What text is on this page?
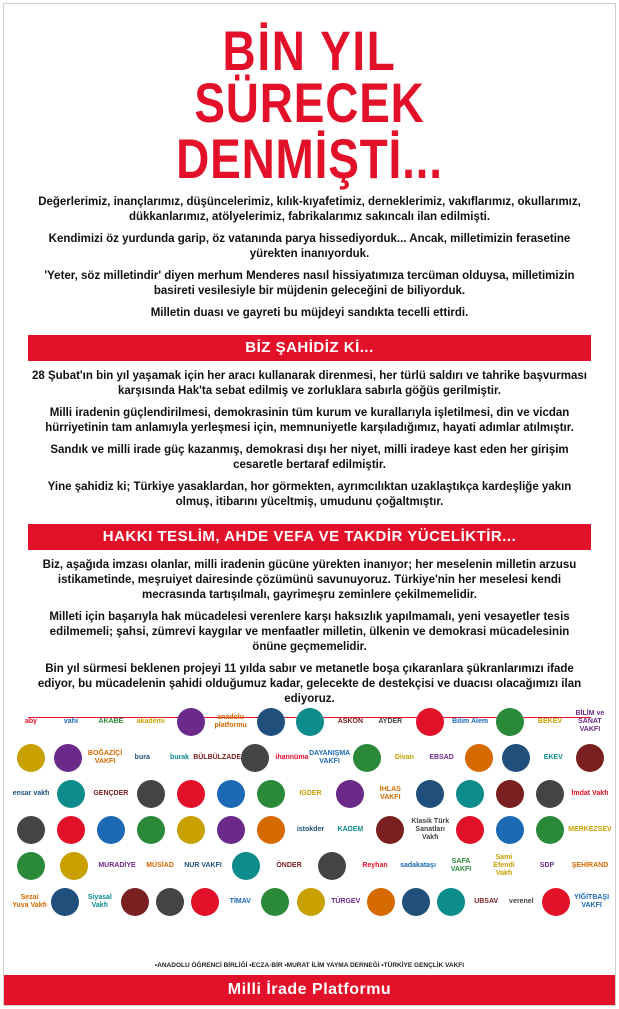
BİN YIL
SÜRECEK DENMİŞTİ...

Değerlerimiz, inançlarımız, düşüncelerimiz, kılık-kıyafetimiz, derneklerimiz, vakıflarımız, okullarımız, dükkanlarımız, atölyelerimiz, fabrikalarımız sakıncalı ilan edilmişti.

Kendimizi öz yurdunda garip, öz vatanında parya hissediyorduk... Ancak, milletimizin ferasetine yürekten inanıyorduk.

'Yeter, söz milletindir' diyen merhum Menderes nasıl hissiyatımıza tercüman olduysa, milletimizin basireti vesilesiyle bir müjdenin geleceğini de biliyorduk.

Milletin duası ve gayreti bu müjdeyi sandıkta tecelli ettirdi.

BİZ ŞAHİDİZ Kİ...

28 Şubat'ın bin yıl yaşamak için her aracı kullanarak direnmesi, her türlü saldırı ve tahrike başvurması karşısında Hak'ta sebat edilmiş ve zorluklara sabırla göğüs gerilmiştir.

Milli iradenin güçlendirilmesi, demokrasinin tüm kurum ve kurallarıyla işletilmesi, din ve vicdan hürriyetinin tam anlamıyla yerleşmesi için, memnuniyetle karşıladığımız, hayati adımlar atılmıştır.

Sandık ve milli irade güç kazanmış, demokrasi dışı her niyet, milli iradeye kast eden her girişim cesaretle bertaraf edilmiştir.

Yine şahidiz ki; Türkiye yasaklardan, hor görmekten, ayrımcılıktan uzaklaştıkça kardeşliğe yakın olmuş, itibarını yüceltmiş, umudunu çoğaltmıştır.

HAKKI TESLİM, AHDE VEFA VE TAKDİR YÜCELİKTİR...

Biz, aşağıda imzası olanlar, milli iradenin gücüne yürekten inanıyor; her meselenin milletin arzusu istikametinde, meşruiyet dairesinde çözümünü savunuyoruz. Türkiye'nin her meselesi kendi mecrasında tartışılmalı, gayrimeşru zeminlere çekilmemelidir.

Milleti için başarıyla hak mücadelesi verenlere karşı haksızlık yapılmamalı, yeni vesayetler tesis edilmemeli; şahsi, zümrevi kaygılar ve menfaatler milletin, ülkenin ve demokrasi mücadelesinin önüne geçmemelidir.

Bin yıl sürmesi beklenen projeyi 11 yılda sabır ve metanetle boşa çıkaranlara şükranlarımızı ifade ediyor, bu mücadelenin şahidi olduğumuz kadar, gelecekte de destekçisi ve duacısı olacağımızı ilan ediyoruz.

aby	vahi	AKABE akademi
anadolu platformu
ASKON AYDER	Bilim Alem	BEKEV
BİLİM ve SANAT VAKFI
BOĞAZİÇİ VAKFI
bura	burak BÜLBÜLZADE	ihannüma
DAYANIŞMA VAKFI
Divan EBSAD	EKEV
ensar vakfı	GENÇDER	IGDER
İHLAS VAKFI
İmdat Vakfı
istokder KADEM
Klasik Türk Sanatları Vakfı
MERKEZSEV
MURADİYE MÜSİAD NUR VAKFI	ÖNDER	Reyhan sadakataşı
SAFA VAKFI
Sami Efendi Vakfı
SDP	ŞEHİRAND
Sezai Yuva Vakfı
Siyasal Vakfı
TİMAV	TÜRGEV	UBSAV verenel
YİĞİTBAŞI VAKFI
•ANADOLU ÖĞRENCİ BİRLİĞİ •ECZA-BİR •MURAT İLİM YAYMA DERNEĞİ •TÜRKİYE GENÇLİK VAKFI
Milli İrade Platformu
